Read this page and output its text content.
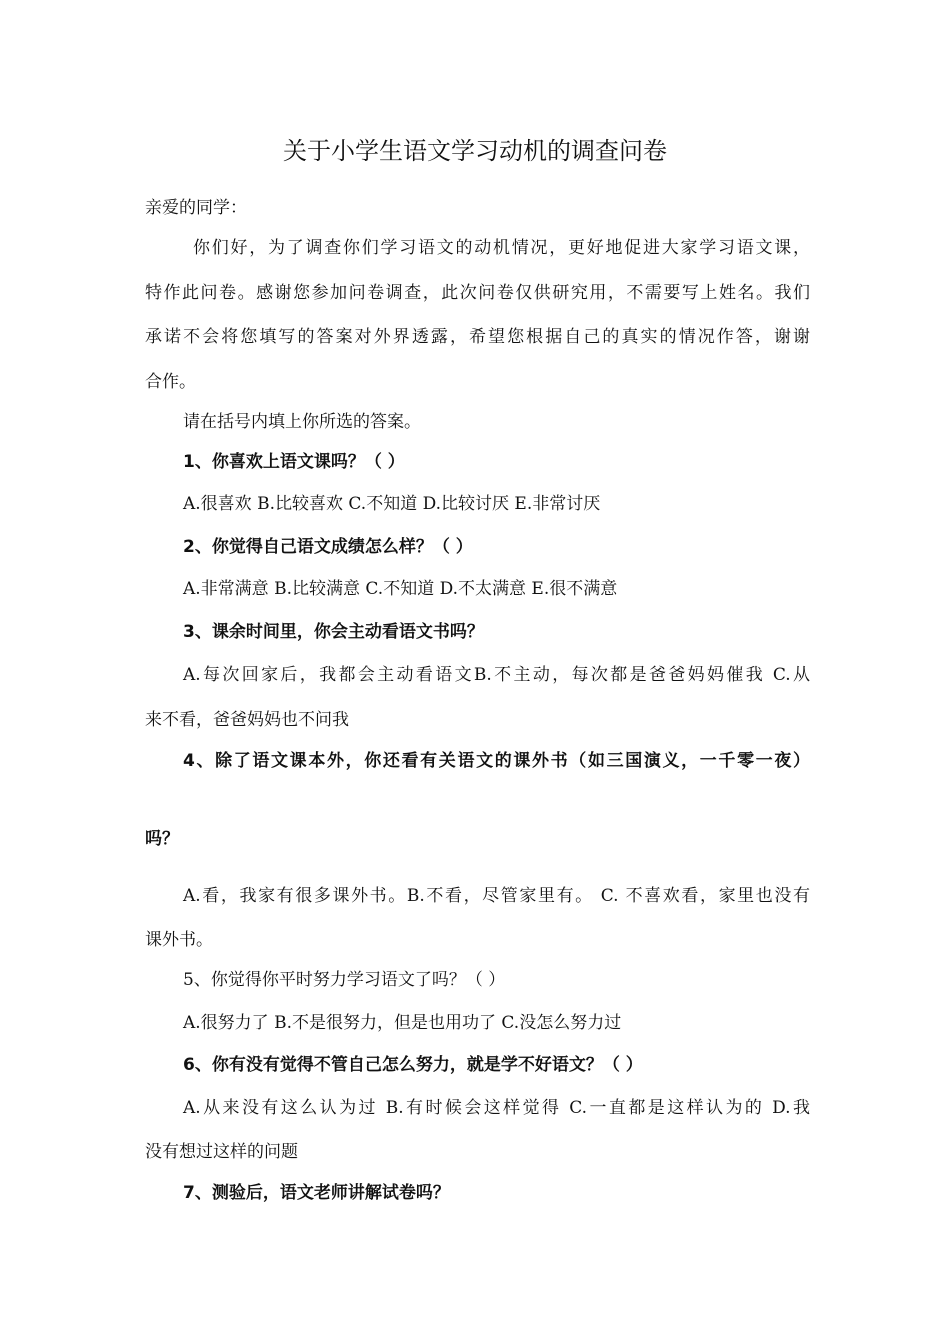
关于小学生语文学习动机的调查问卷
亲爱的同学：
你们好，为了调查你们学习语文的动机情况，更好地促进大家学习语文课，
特作此问卷。感谢您参加问卷调查，此次问卷仅供研究用，不需要写上姓名。我们
承诺不会将您填写的答案对外界透露，希望您根据自己的真实的情况作答，谢谢
合作。
请在括号内填上你所选的答案。
1、你喜欢上语文课吗？（ ）
A.很喜欢 B.比较喜欢 C.不知道 D.比较讨厌 E.非常讨厌
2、你觉得自己语文成绩怎么样？（ ）
A.非常满意 B.比较满意 C.不知道 D.不太满意 E.很不满意
3、课余时间里，你会主动看语文书吗？
A.每次回家后，我都会主动看语文B.不主动，每次都是爸爸妈妈催我 C.从
来不看，爸爸妈妈也不问我
4、除了语文课本外，你还看有关语文的课外书（如三国演义，一千零一夜）
吗？
A.看，我家有很多课外书。B.不看，尽管家里有。 C. 不喜欢看，家里也没有
课外书。
5、你觉得你平时努力学习语文了吗？（ ）
A.很努力了 B.不是很努力，但是也用功了 C.没怎么努力过
6、你有没有觉得不管自己怎么努力，就是学不好语文？（ ）
A.从来没有这么认为过 B.有时候会这样觉得 C.一直都是这样认为的 D.我
没有想过这样的问题
7、测验后，语文老师讲解试卷吗？
